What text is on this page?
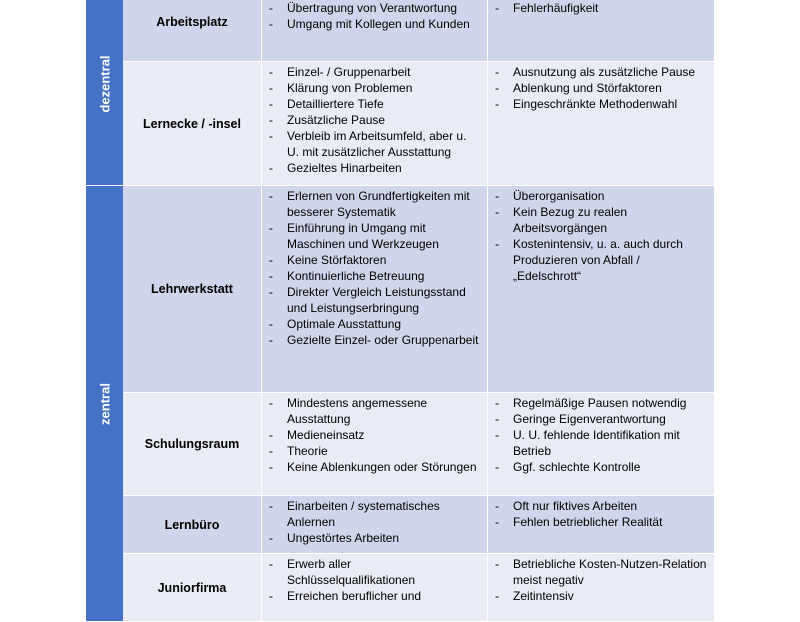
dezentral
zentral
Arbeitsplatz
- Übertragung von Verantwortung
- Umgang mit Kollegen und Kunden
- Fehlerhäufigkeit
Lernecke / -insel
- Einzel- / Gruppenarbeit
- Klärung von Problemen
- Detailliertere Tiefe
- Zusätzliche Pause
- Verbleib im Arbeitsumfeld, aber u. U. mit zusätzlicher Ausstattung
- Gezieltes Hinarbeiten
- Ausnutzung als zusätzliche Pause
- Ablenkung und Störfaktoren
- Eingeschränkte Methodenwahl
Lehrwerkstatt
- Erlernen von Grundfertigkeiten mit besserer Systematik
- Einführung in Umgang mit Maschinen und Werkzeugen
- Keine Störfaktoren
- Kontinuierliche Betreuung
- Direkter Vergleich Leistungsstand und Leistungserbringung
- Optimale Ausstattung
- Gezielte Einzel- oder Gruppenarbeit
- Überorganisation
- Kein Bezug zu realen Arbeitsvorgängen
- Kostenintensiv, u. a. auch durch Produzieren von Abfall / „Edelschrott“
Schulungsraum
- Mindestens angemessene Ausstattung
- Medieneinsatz
- Theorie
- Keine Ablenkungen oder Störungen
- Regelmäßige Pausen notwendig
- Geringe Eigenverantwortung
- U. U. fehlende Identifikation mit Betrieb
- Ggf. schlechte Kontrolle
Lernbüro
- Einarbeiten / systematisches Anlernen
- Ungestörtes Arbeiten
- Oft nur fiktives Arbeiten
- Fehlen betrieblicher Realität
Juniorfirma
- Erwerb aller Schlüsselqualifikationen
- Erreichen beruflicher und
- Betriebliche Kosten-Nutzen-Relation meist negativ
- Zeitintensiv
